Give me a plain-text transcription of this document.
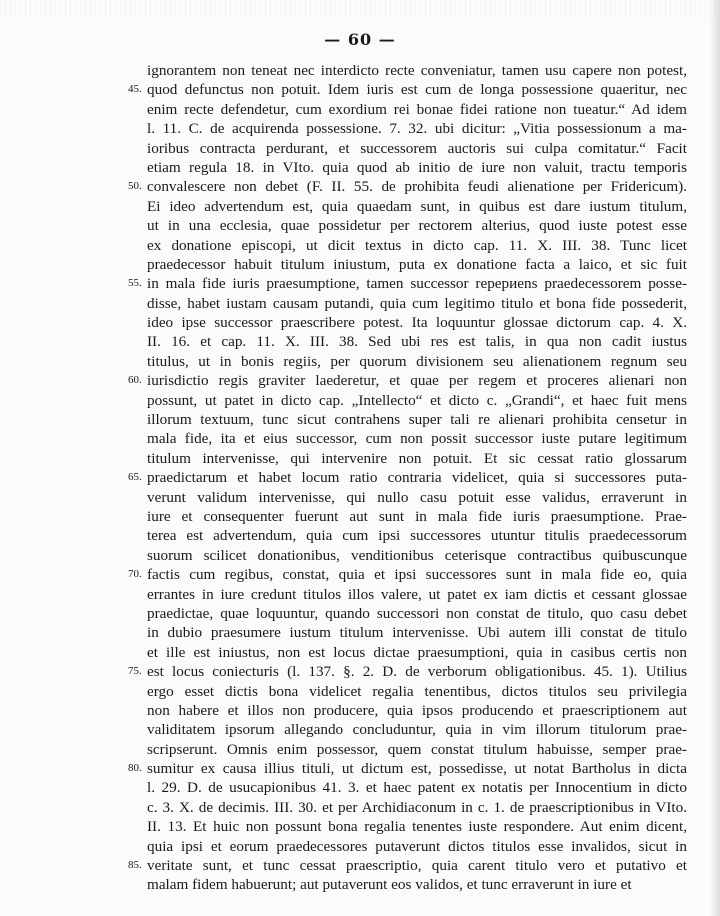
— 60 —
ignorantem non teneat nec interdicto recte conveniatur, tamen usu capere non potest,
45. quod defunctus non potuit. Idem iuris est cum de longa possessione quaeritur, nec
enim recte defendetur, cum exordium rei bonae fidei ratione non tueatur.“ Ad idem
l. 11. C. de acquirenda possessione. 7. 32. ubi dicitur: „Vitia possessionum a ma-
ioribus contracta perdurant, et successorem auctoris sui culpa comitatur.“ Facit
etiam regula 18. in VIto. quia quod ab initio de iure non valuit, tractu temporis
50. convalescere non debet (F. II. 55. de prohibita feudi alienatione per Fridericum).
Ei ideo advertendum est, quia quaedam sunt, in quibus est dare iustum titulum,
ut in una ecclesia, quae possidetur per rectorem alterius, quod iuste potest esse
ex donatione episcopi, ut dicit textus in dicto cap. 11. X. III. 38. Tunc licet
praedecessor habuit titulum iniustum, puta ex donatione facta a laico, et sic fuit
55. in mala fide iuris praesumptione, tamen successor repериens praedecessorem posse-
disse, habet iustam causam putandi, quia cum legitimo titulo et bona fide possederit,
ideo ipse successor praescribere potest. Ita loquuntur glossae dictorum cap. 4. X.
II. 16. et cap. 11. X. III. 38. Sed ubi res est talis, in qua non cadit iustus
titulus, ut in bonis regiis, per quorum divisionem seu alienationem regnum seu
60. iurisdictio regis graviter laederetur, et quae per regem et proceres alienari non
possunt, ut patet in dicto cap. „Intellecto“ et dicto c. „Grandi“, et haec fuit mens
illorum textuum, tunc sicut contrahens super tali re alienari prohibita censetur in
mala fide, ita et eius successor, cum non possit successor iuste putare legitimum
titulum intervenisse, qui intervenire non potuit. Et sic cessat ratio glossarum
65. praedictarum et habet locum ratio contraria videlicet, quia si successores puta-
verunt validum intervenisse, qui nullo casu potuit esse validus, erraverunt in
iure et consequenter fuerunt aut sunt in mala fide iuris praesumptione. Prae-
terea est advertendum, quia cum ipsi successores utuntur titulis praedecessorum
suorum scilicet donationibus, venditionibus ceterisque contractibus quibuscunque
70. factis cum regibus, constat, quia et ipsi successores sunt in mala fide eo, quia
errantes in iure credunt titulos illos valere, ut patet ex iam dictis et cessant glossae
praedictae, quae loquuntur, quando successori non constat de titulo, quo casu debet
in dubio praesumere iustum titulum intervenisse. Ubi autem illi constat de titulo
et ille est iniustus, non est locus dictae praesumptioni, quia in casibus certis non
75. est locus coniecturis (l. 137. §. 2. D. de verborum obligationibus. 45. 1). Utilius
ergo esset dictis bona videlicet regalia tenentibus, dictos titulos seu privilegia
non habere et illos non producere, quia ipsos producendo et praescriptionem aut
validitatem ipsorum allegando concluduntur, quia in vim illorum titulorum prae-
scripserunt. Omnis enim possessor, quem constat titulum habuisse, semper prae-
80. sumitur ex causa illius tituli, ut dictum est, possedisse, ut notat Bartholus in dicta
l. 29. D. de usucapionibus 41. 3. et haec patent ex notatis per Innocentium in dicto
c. 3. X. de decimis. III. 30. et per Archidiaconum in c. 1. de praescriptionibus in VIto.
II. 13. Et huic non possunt bona regalia tenentes iuste respondere. Aut enim dicent,
quia ipsi et eorum praedecessores putaverunt dictos titulos esse invalidos, sicut in
85. veritate sunt, et tunc cessat praescriptio, quia carent titulo vero et putativo et
malam fidem habuerunt; aut putaverunt eos validos, et tunc erraverunt in iure et
